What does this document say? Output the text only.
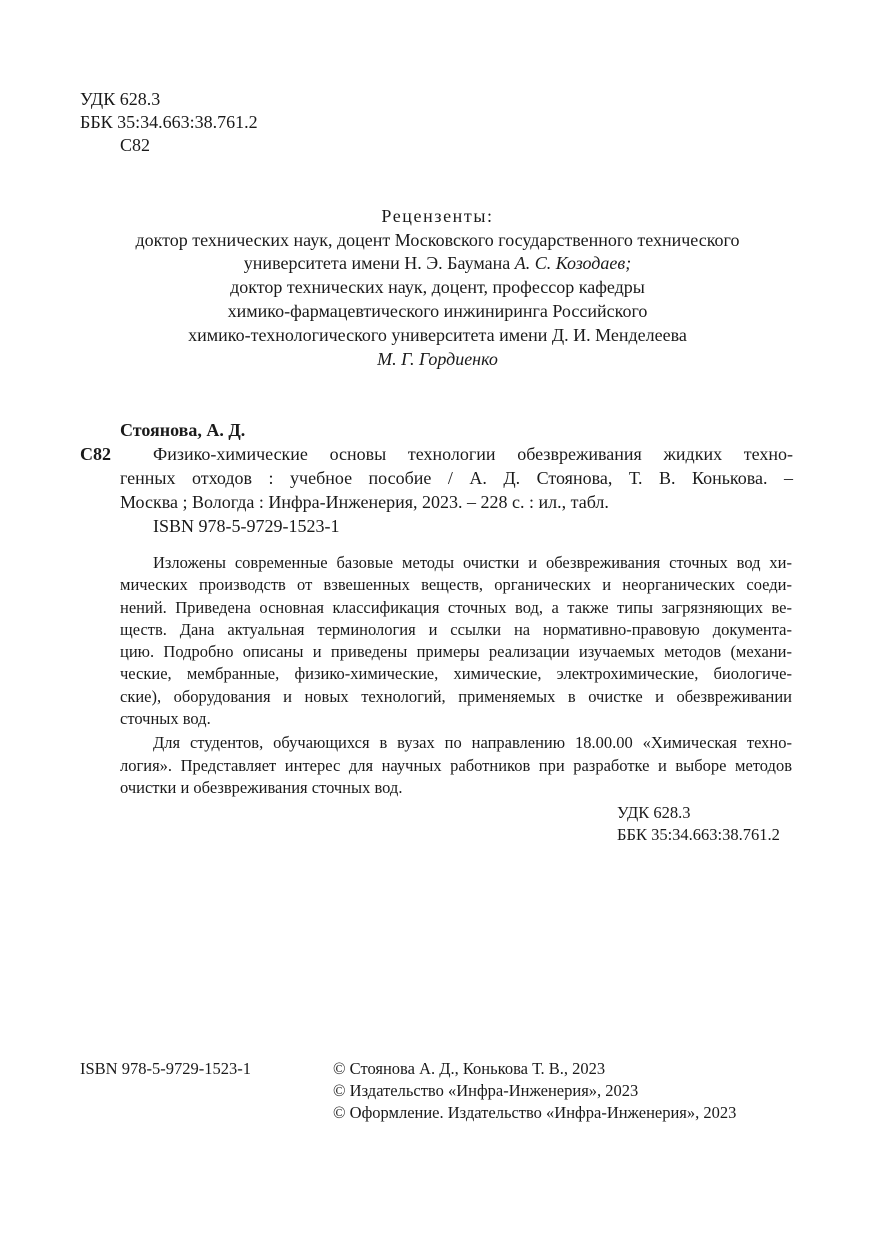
УДК 628.3
ББК 35:34.663:38.761.2
С82
Рецензенты:
доктор технических наук, доцент Московского государственного технического
университета имени Н. Э. Баумана А. С. Козодаев;
доктор технических наук, доцент, профессор кафедры
химико-фармацевтического инжиниринга Российского
химико-технологического университета имени Д. И. Менделеева
М. Г. Гордиенко
Стоянова, А. Д.
С82 Физико-химические основы технологии обезвреживания жидких техно-
генных отходов : учебное пособие / А. Д. Стоянова, Т. В. Конькова. –
Москва ; Вологда : Инфра-Инженерия, 2023. – 228 с. : ил., табл.
ISBN 978-5-9729-1523-1
Изложены современные базовые методы очистки и обезвреживания сточных вод хи-
мических производств от взвешенных веществ, органических и неорганических соеди-
нений. Приведена основная классификация сточных вод, а также типы загрязняющих ве-
ществ. Дана актуальная терминология и ссылки на нормативно-правовую документа-
цию. Подробно описаны и приведены примеры реализации изучаемых методов (механи-
ческие, мембранные, физико-химические, химические, электрохимические, биологиче-
ские), оборудования и новых технологий, применяемых в очистке и обезвреживании
сточных вод.
Для студентов, обучающихся в вузах по направлению 18.00.00 «Химическая техно-
логия». Представляет интерес для научных работников при разработке и выборе методов
очистки и обезвреживания сточных вод.
УДК 628.3
ББК 35:34.663:38.761.2
ISBN 978-5-9729-1523-1	© Стоянова А. Д., Конькова Т. В., 2023
© Издательство «Инфра-Инженерия», 2023
© Оформление. Издательство «Инфра-Инженерия», 2023
